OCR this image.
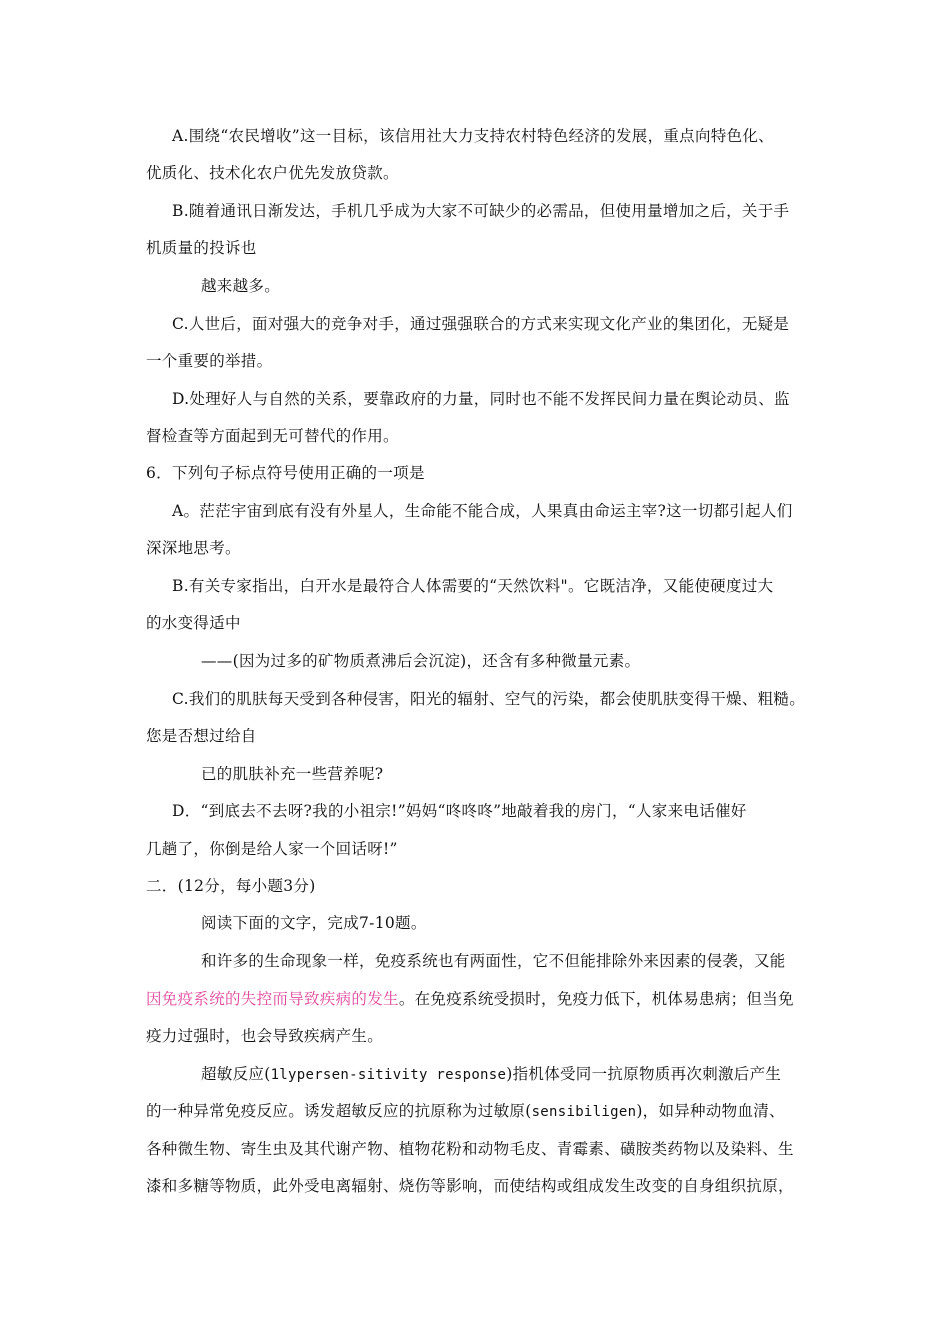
A.围绕“农民增收”这一目标，该信用社大力支持农村特色经济的发展，重点向特色化、
优质化、技术化农户优先发放贷款。
B.随着通讯日渐发达，手机几乎成为大家不可缺少的必需品，但使用量增加之后，关于手
机质量的投诉也
越来越多。
C.人世后，面对强大的竞争对手，通过强强联合的方式来实现文化产业的集团化，无疑是
一个重要的举措。
D.处理好人与自然的关系，要靠政府的力量，同时也不能不发挥民间力量在舆论动员、监
督检查等方面起到无可替代的作用。
6．下列句子标点符号使用正确的一项是
A。茫茫宇宙到底有没有外星人，生命能不能合成，人果真由命运主宰?这一切都引起人们
深深地思考。
B.有关专家指出，白开水是最符合人体需要的“天然饮料"。它既洁净，又能使硬度过大
的水变得适中
——(因为过多的矿物质煮沸后会沉淀)，还含有多种微量元素。
C.我们的肌肤每天受到各种侵害，阳光的辐射、空气的污染，都会使肌肤变得干燥、粗糙。
您是否想过给自
已的肌肤补充一些营养呢?
D．“到底去不去呀?我的小祖宗!”妈妈“咚咚咚”地敲着我的房门，“人家来电话催好
几趟了，你倒是给人家一个回话呀!”
二．(12分，每小题3分)
阅读下面的文字，完成7-10题。
和许多的生命现象一样，免疫系统也有两面性，它不但能排除外来因素的侵袭，又能
因免疫系统的失控而导致疾病的发生。在免疫系统受损时，免疫力低下，机体易患病；但当免
疫力过强时，也会导致疾病产生。
超敏反应(1lypersen-sitivity response)指机体受同一抗原物质再次刺激后产生
的一种异常免疫反应。诱发超敏反应的抗原称为过敏原(sensibiligen)，如异种动物血清、
各种微生物、寄生虫及其代谢产物、植物花粉和动物毛皮、青霉素、磺胺类药物以及染料、生
漆和多糖等物质，此外受电离辐射、烧伤等影响，而使结构或组成发生改变的自身组织抗原，
